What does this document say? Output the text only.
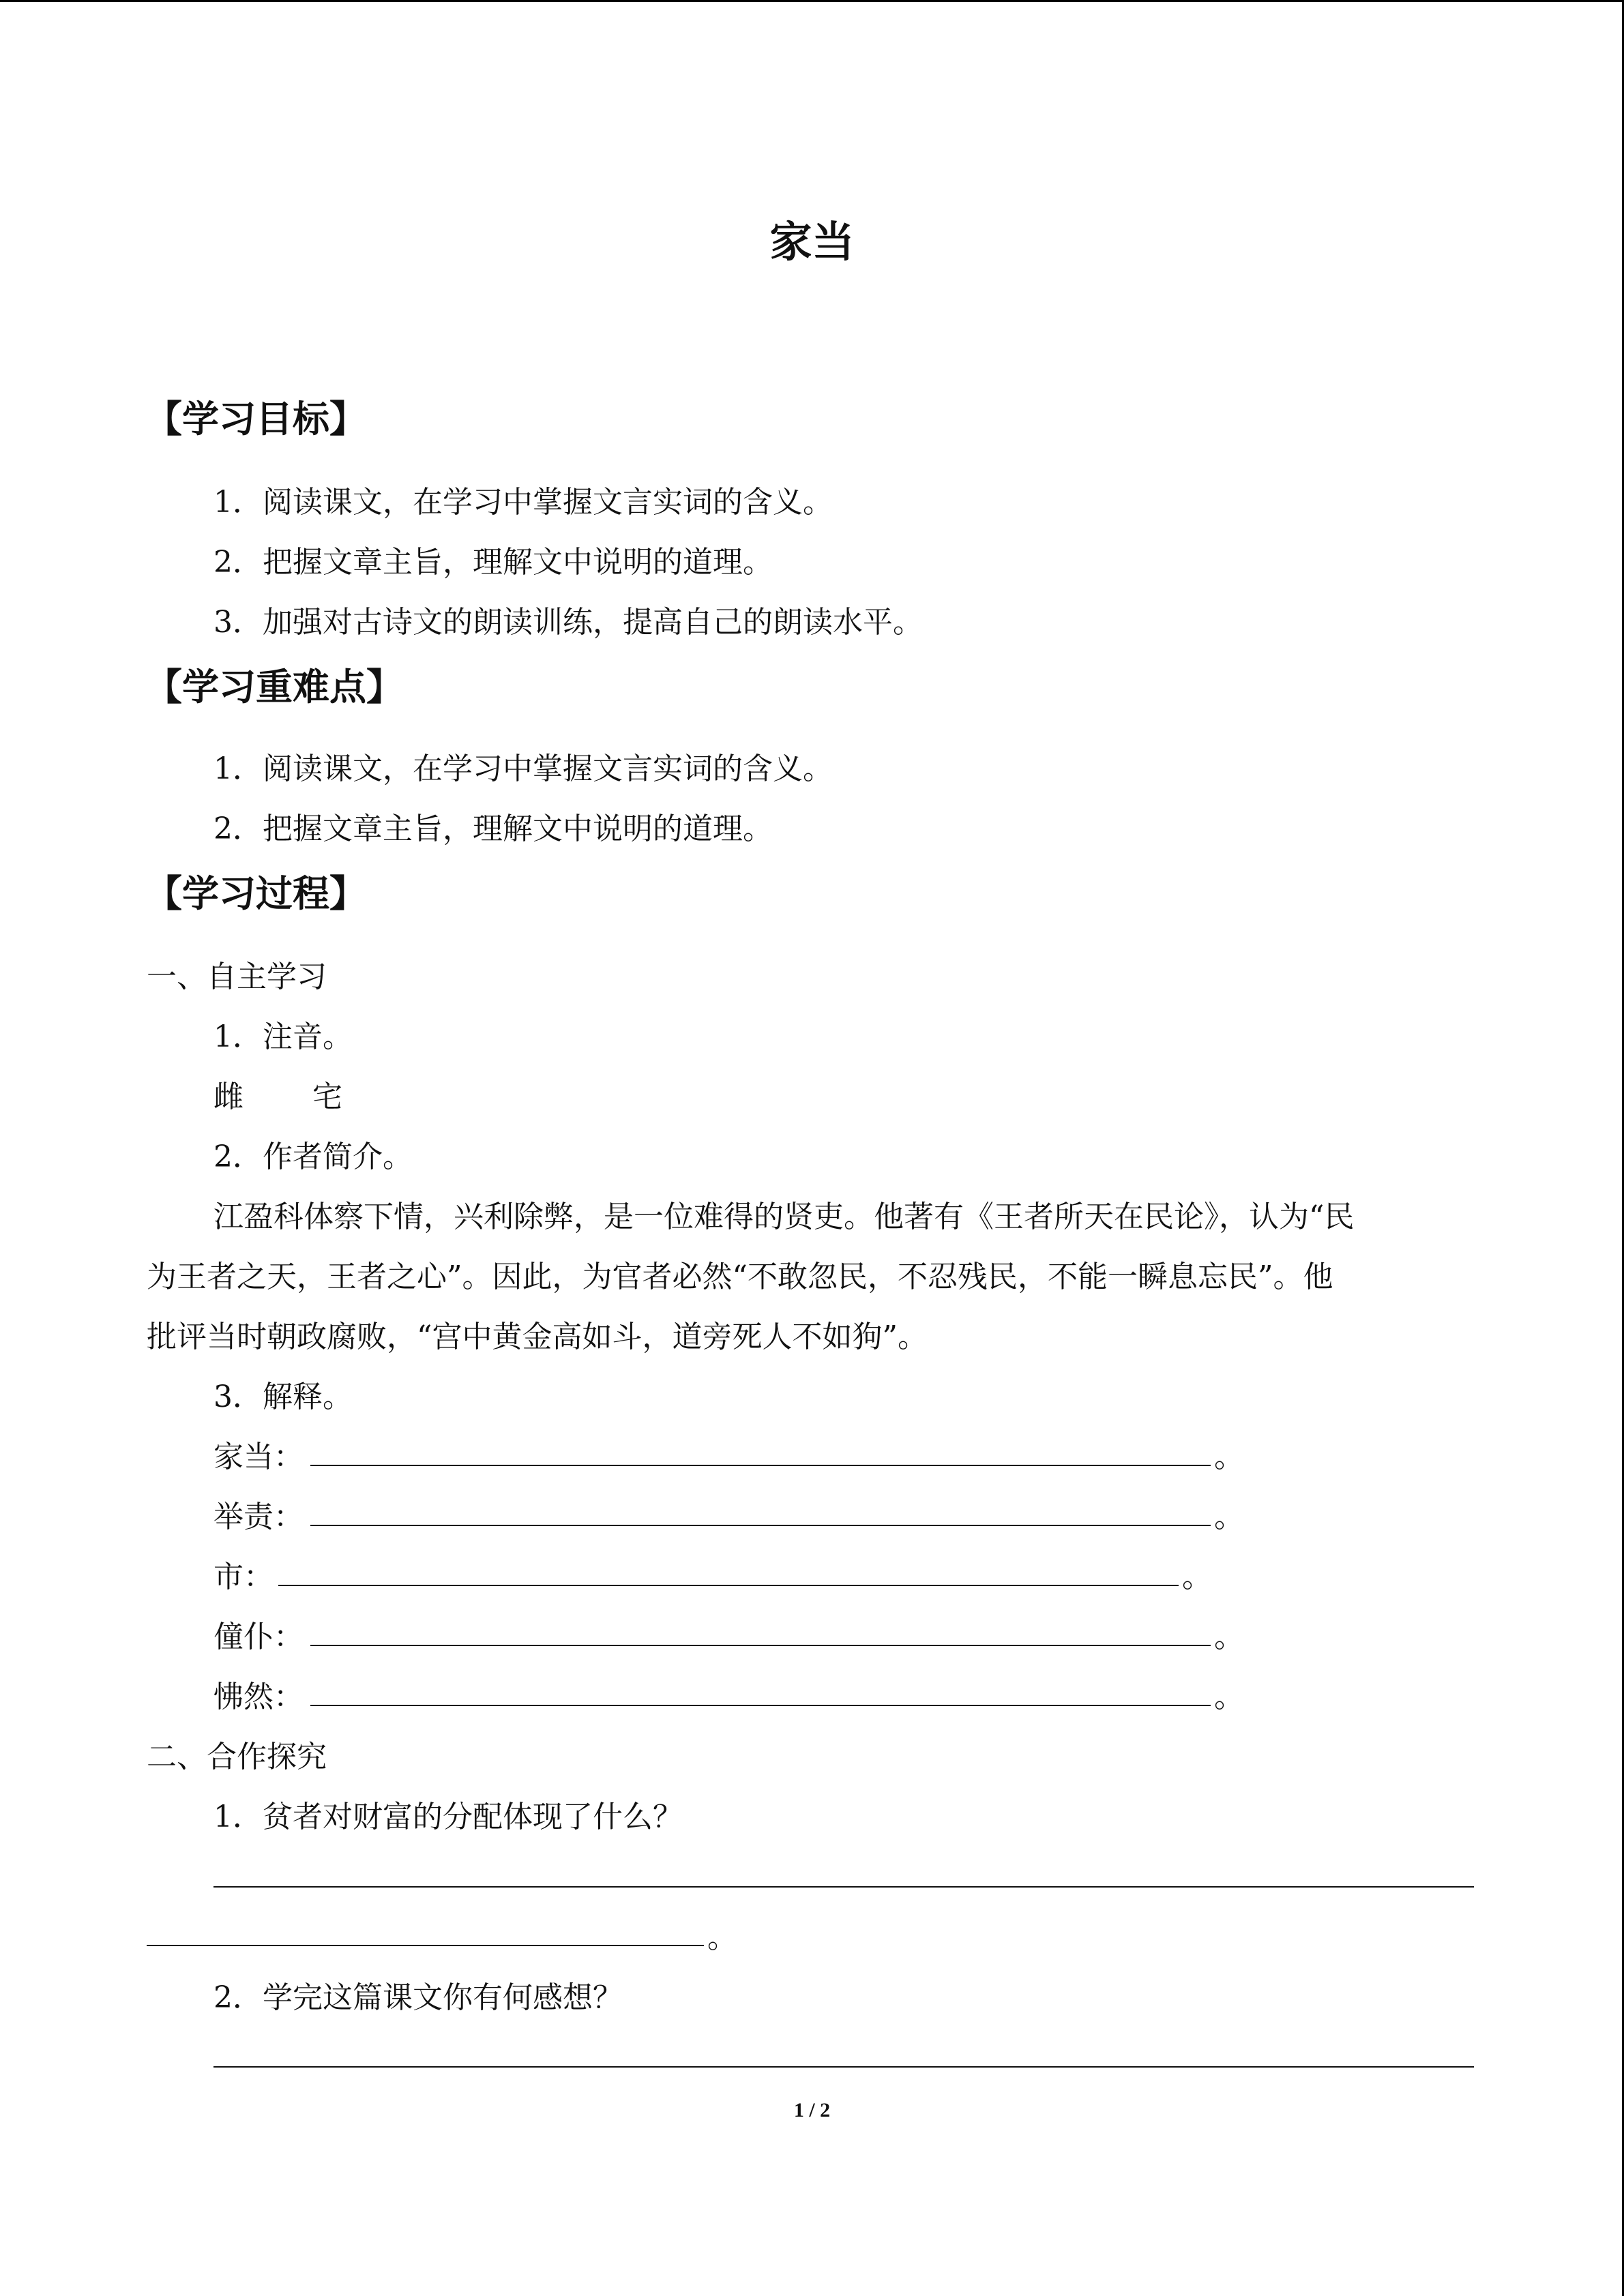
家当
【学习目标】
1．阅读课文，在学习中掌握文言实词的含义。
2．把握文章主旨，理解文中说明的道理。
3．加强对古诗文的朗读训练，提高自己的朗读水平。
【学习重难点】
1．阅读课文，在学习中掌握文言实词的含义。
2．把握文章主旨，理解文中说明的道理。
【学习过程】
一、自主学习
1．注音。
雌 宅
2．作者简介。
江盈科体察下情，兴利除弊，是一位难得的贤吏。他著有《王者所天在民论》，认为“民
为王者之天，王者之心”。因此，为官者必然“不敢忽民，不忍残民，不能一瞬息忘民”。他
批评当时朝政腐败，“宫中黄金高如斗，道旁死人不如狗”。
3．解释。
家当：	。
举责：	。
市：	。
僮仆：	。
怫然：	。
二、合作探究
1．贫者对财富的分配体现了什么？
。
2．学完这篇课文你有何感想？
1 / 2
